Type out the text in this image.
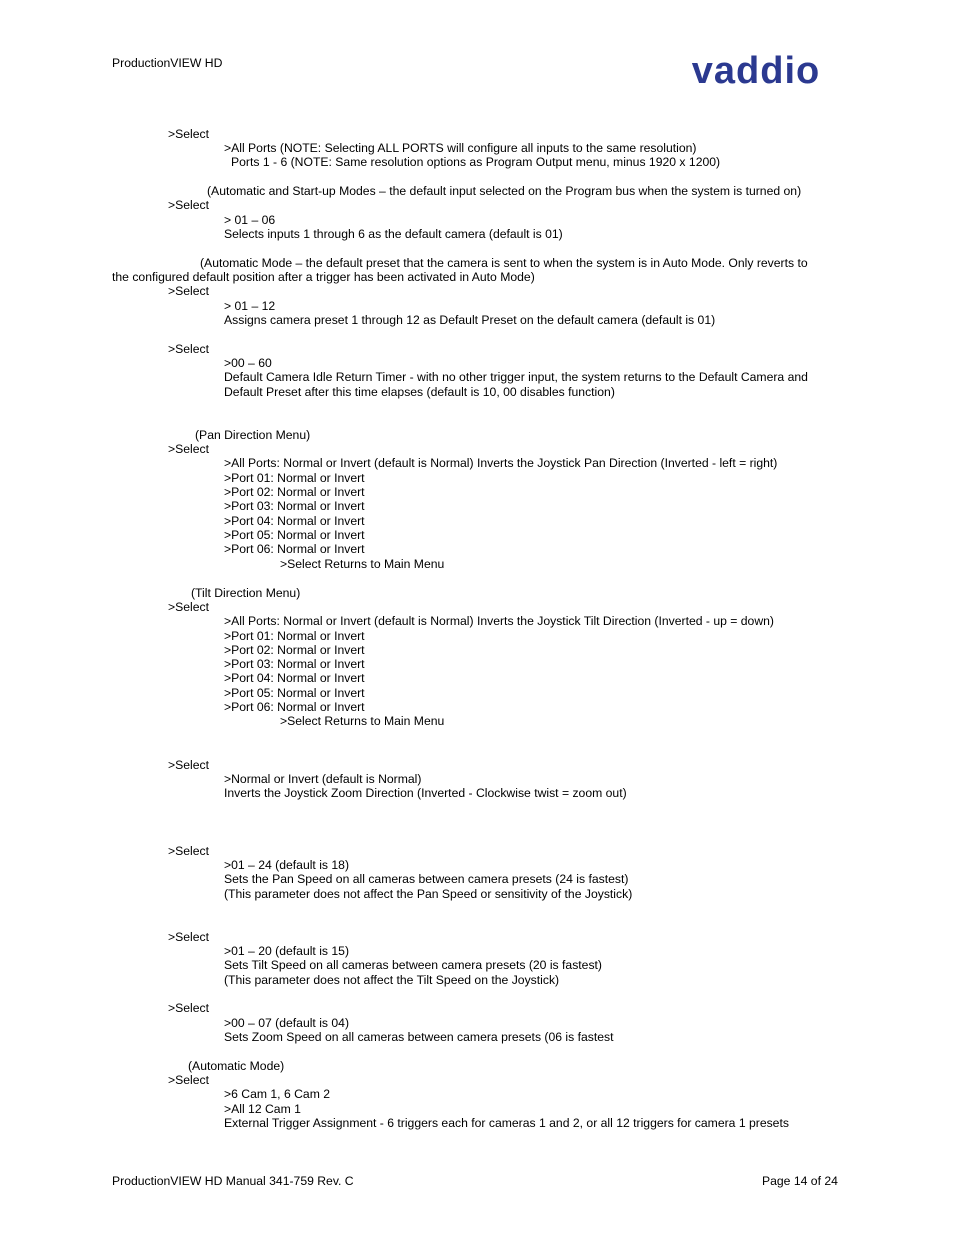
ProductionVIEW HD	vaddio
>Select
>All Ports (NOTE: Selecting ALL PORTS will configure all inputs to the same resolution)
Ports 1 - 6 (NOTE: Same resolution options as Program Output menu, minus 1920 x 1200)
(Automatic and Start-up Modes – the default input selected on the Program bus when the system is turned on)
>Select
> 01 – 06
Selects inputs 1 through 6 as the default camera (default is 01)
(Automatic Mode – the default preset that the camera is sent to when the system is in Auto Mode. Only reverts to
the configured default position after a trigger has been activated in Auto Mode)
>Select
> 01 – 12
Assigns camera preset 1 through 12 as Default Preset on the default camera (default is 01)
>Select
>00 – 60
Default Camera Idle Return Timer - with no other trigger input, the system returns to the Default Camera and
Default Preset after this time elapses (default is 10, 00 disables function)
(Pan Direction Menu)
>Select
>All Ports: Normal or Invert (default is Normal) Inverts the Joystick Pan Direction (Inverted - left = right)
>Port 01: Normal or Invert
>Port 02: Normal or Invert
>Port 03: Normal or Invert
>Port 04: Normal or Invert
>Port 05: Normal or Invert
>Port 06: Normal or Invert
>Select Returns to Main Menu
(Tilt Direction Menu)
>Select
>All Ports: Normal or Invert (default is Normal) Inverts the Joystick Tilt Direction (Inverted - up = down)
>Port 01: Normal or Invert
>Port 02: Normal or Invert
>Port 03: Normal or Invert
>Port 04: Normal or Invert
>Port 05: Normal or Invert
>Port 06: Normal or Invert
>Select Returns to Main Menu
>Select
>Normal or Invert (default is Normal)
Inverts the Joystick Zoom Direction (Inverted - Clockwise twist = zoom out)
>Select
>01 – 24 (default is 18)
Sets the Pan Speed on all cameras between camera presets (24 is fastest)
(This parameter does not affect the Pan Speed or sensitivity of the Joystick)
>Select
>01 – 20 (default is 15)
Sets Tilt Speed on all cameras between camera presets (20 is fastest)
(This parameter does not affect the Tilt Speed on the Joystick)
>Select
>00 – 07 (default is 04)
Sets Zoom Speed on all cameras between camera presets (06 is fastest
(Automatic Mode)
>Select
>6 Cam 1, 6 Cam 2
>All 12 Cam 1
External Trigger Assignment - 6 triggers each for cameras 1 and 2, or all 12 triggers for camera 1 presets
ProductionVIEW HD Manual 341-759 Rev. C	Page 14 of 24
